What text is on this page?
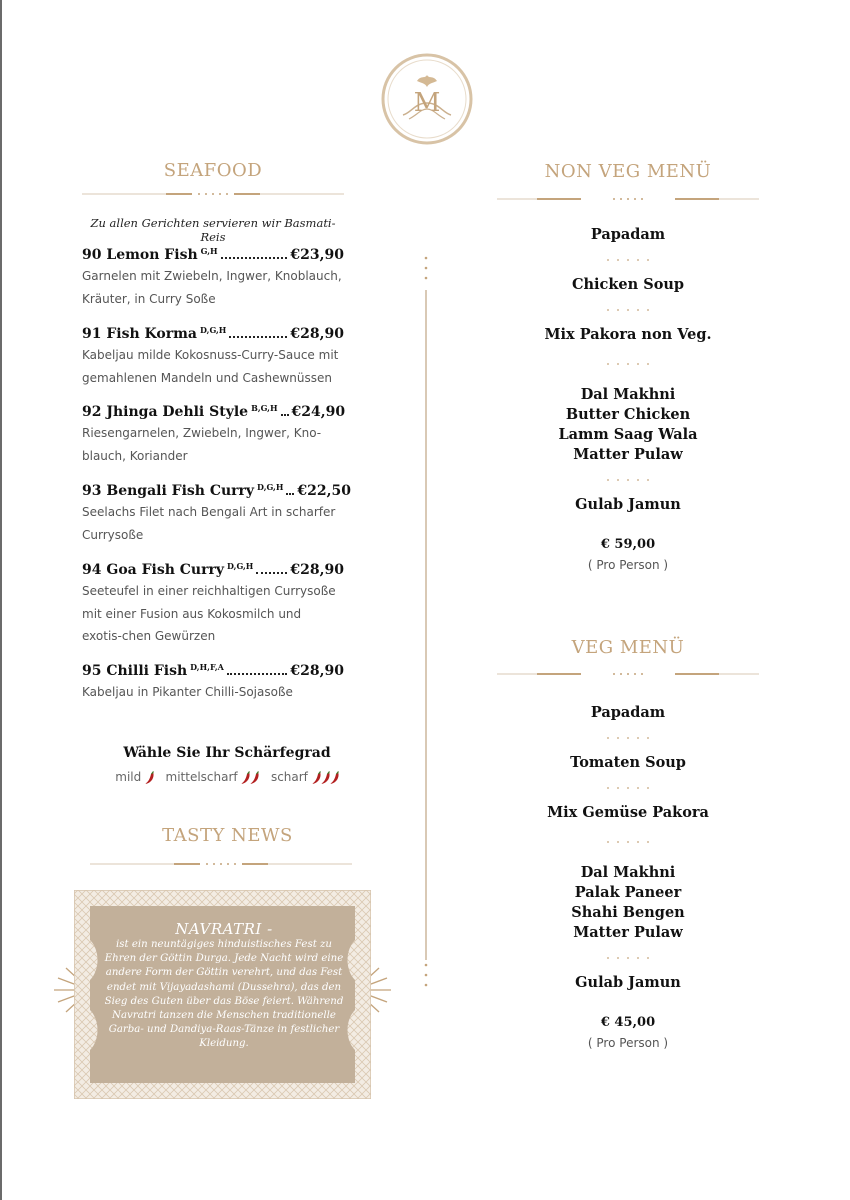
M
SEAFOOD
Zu allen Gerichten servieren wir Basmati-Reis
90 Lemon Fish G,H	€23,90
Garnelen mit Zwiebeln, Ingwer, Knoblauch, Kräuter, in Curry Soße
91 Fish Korma D,G,H	€28,90
Kabeljau milde Kokosnuss-Curry-Sauce mit gemahlenen Mandeln und Cashewnüssen
92 Jhinga Dehli Style B,G,H €24,90
Riesengarnelen, Zwiebeln, Ingwer, Kno-blauch, Koriander
93 Bengali Fish Curry D,G,H €22,50
Seelachs Filet nach Bengali Art in scharfer Currysoße
94 Goa Fish Curry D,G,H	€28,90
Seeteufel in einer reichhaltigen Currysoße mit einer Fusion aus Kokosmilch und exotis-chen Gewürzen
95 Chilli Fish D,H,F,A	€28,90
Kabeljau in Pikanter Chilli-Sojasoße
Wähle Sie Ihr Schärfegrad
mild mittelscharf	scharf
TASTY NEWS
NAVRATRI -
ist ein neuntägiges hinduistisches Fest zu Ehren der Göttin Durga. Jede Nacht wird eine andere Form der Göttin verehrt, und das Fest endet mit Vijayadashami (Dussehra), das den Sieg des Guten über das Böse feiert. Während Navratri tanzen die Menschen traditionelle Garba- und Dandiya-Raas-Tänze in festlicher Kleidung.
NON VEG MENÜ
Papadam
Chicken Soup
Mix Pakora non Veg.
Dal Makhni
Butter Chicken
Lamm Saag Wala
Matter Pulaw
Gulab Jamun
€ 59,00
( Pro Person )
VEG MENÜ
Papadam
Tomaten Soup
Mix Gemüse Pakora
Dal Makhni
Palak Paneer
Shahi Bengen
Matter Pulaw
Gulab Jamun
€ 45,00
( Pro Person )
